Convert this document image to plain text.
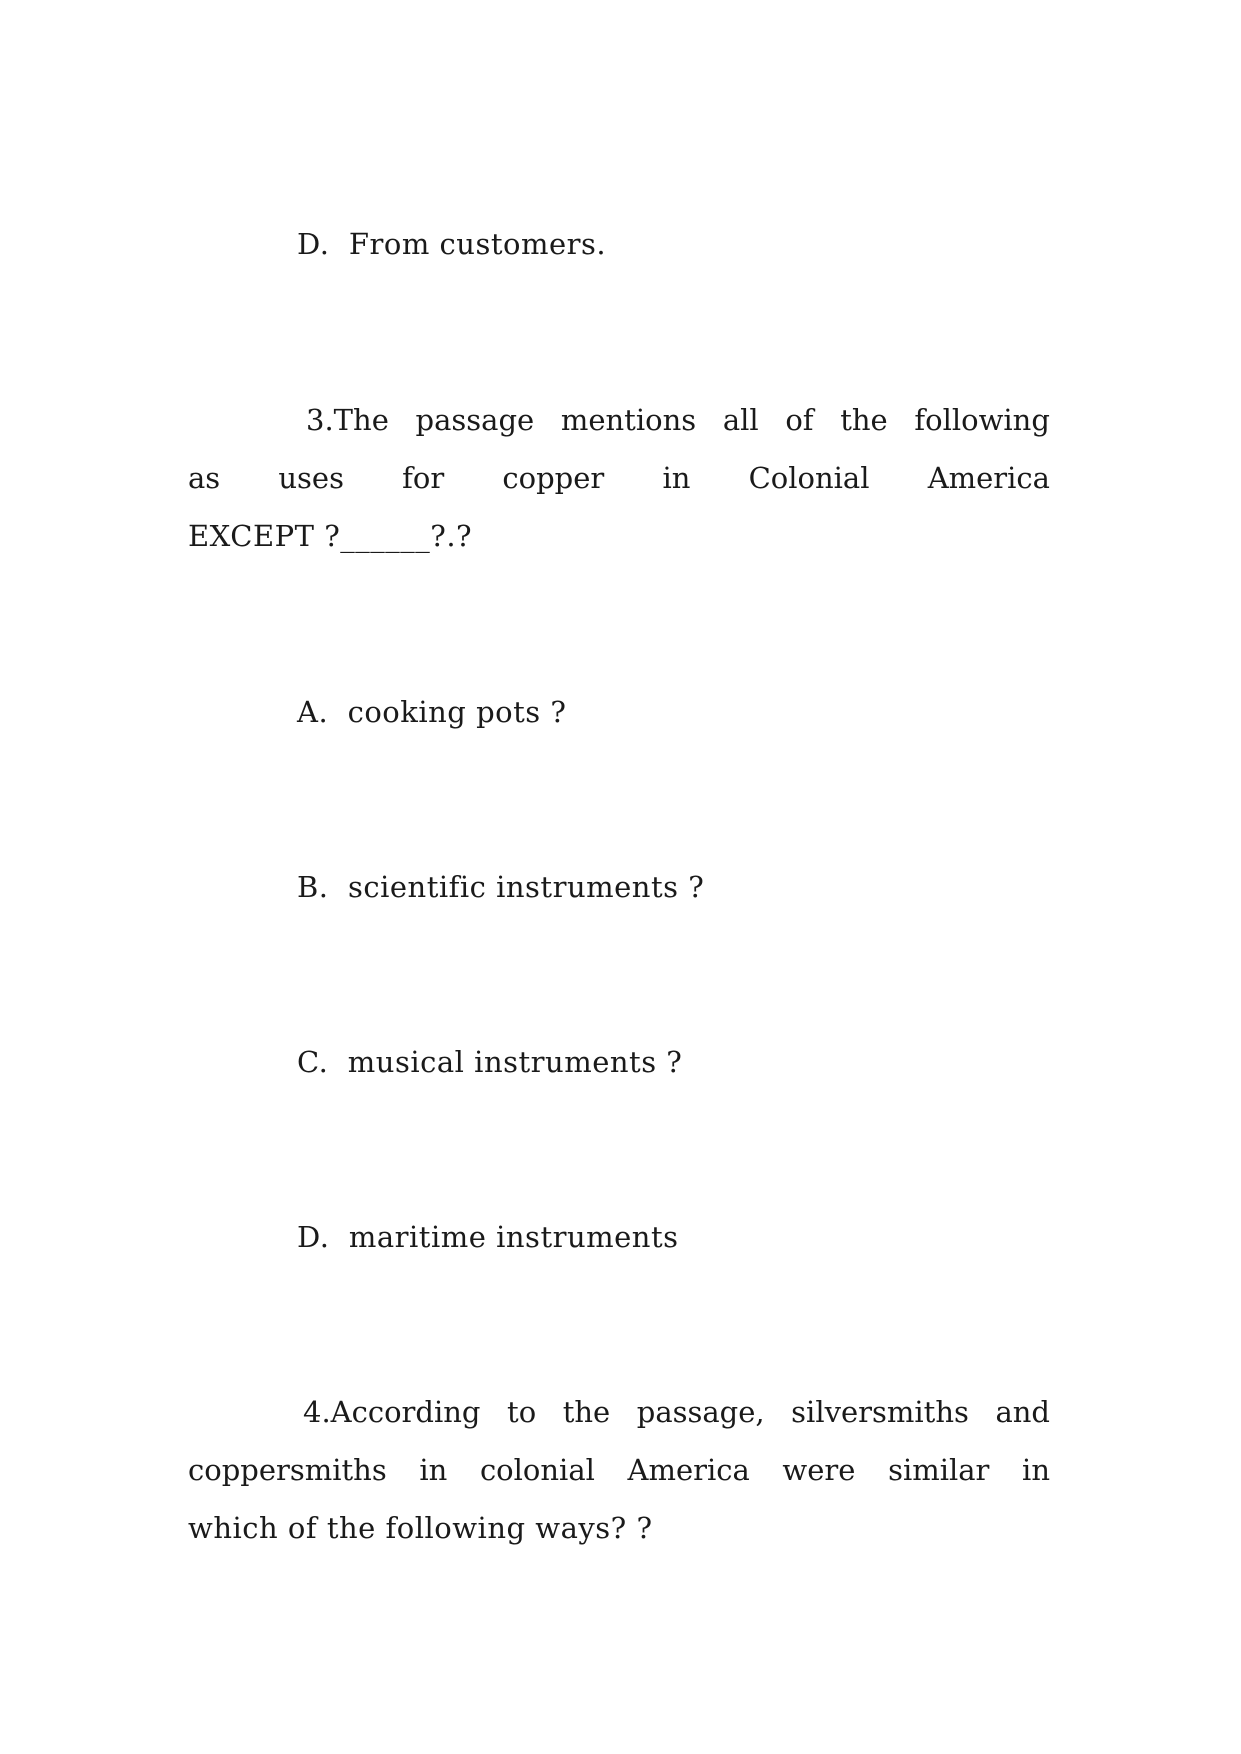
D.  From customers.
3.The passage mentions all of the following
as uses for copper in Colonial America
EXCEPT ?______?.?
A.  cooking pots ?
B.  scientific instruments ?
C.  musical instruments ?
D.  maritime instruments
4.According to the passage, silversmiths and
coppersmiths in colonial America were similar in
which of the following ways? ?
